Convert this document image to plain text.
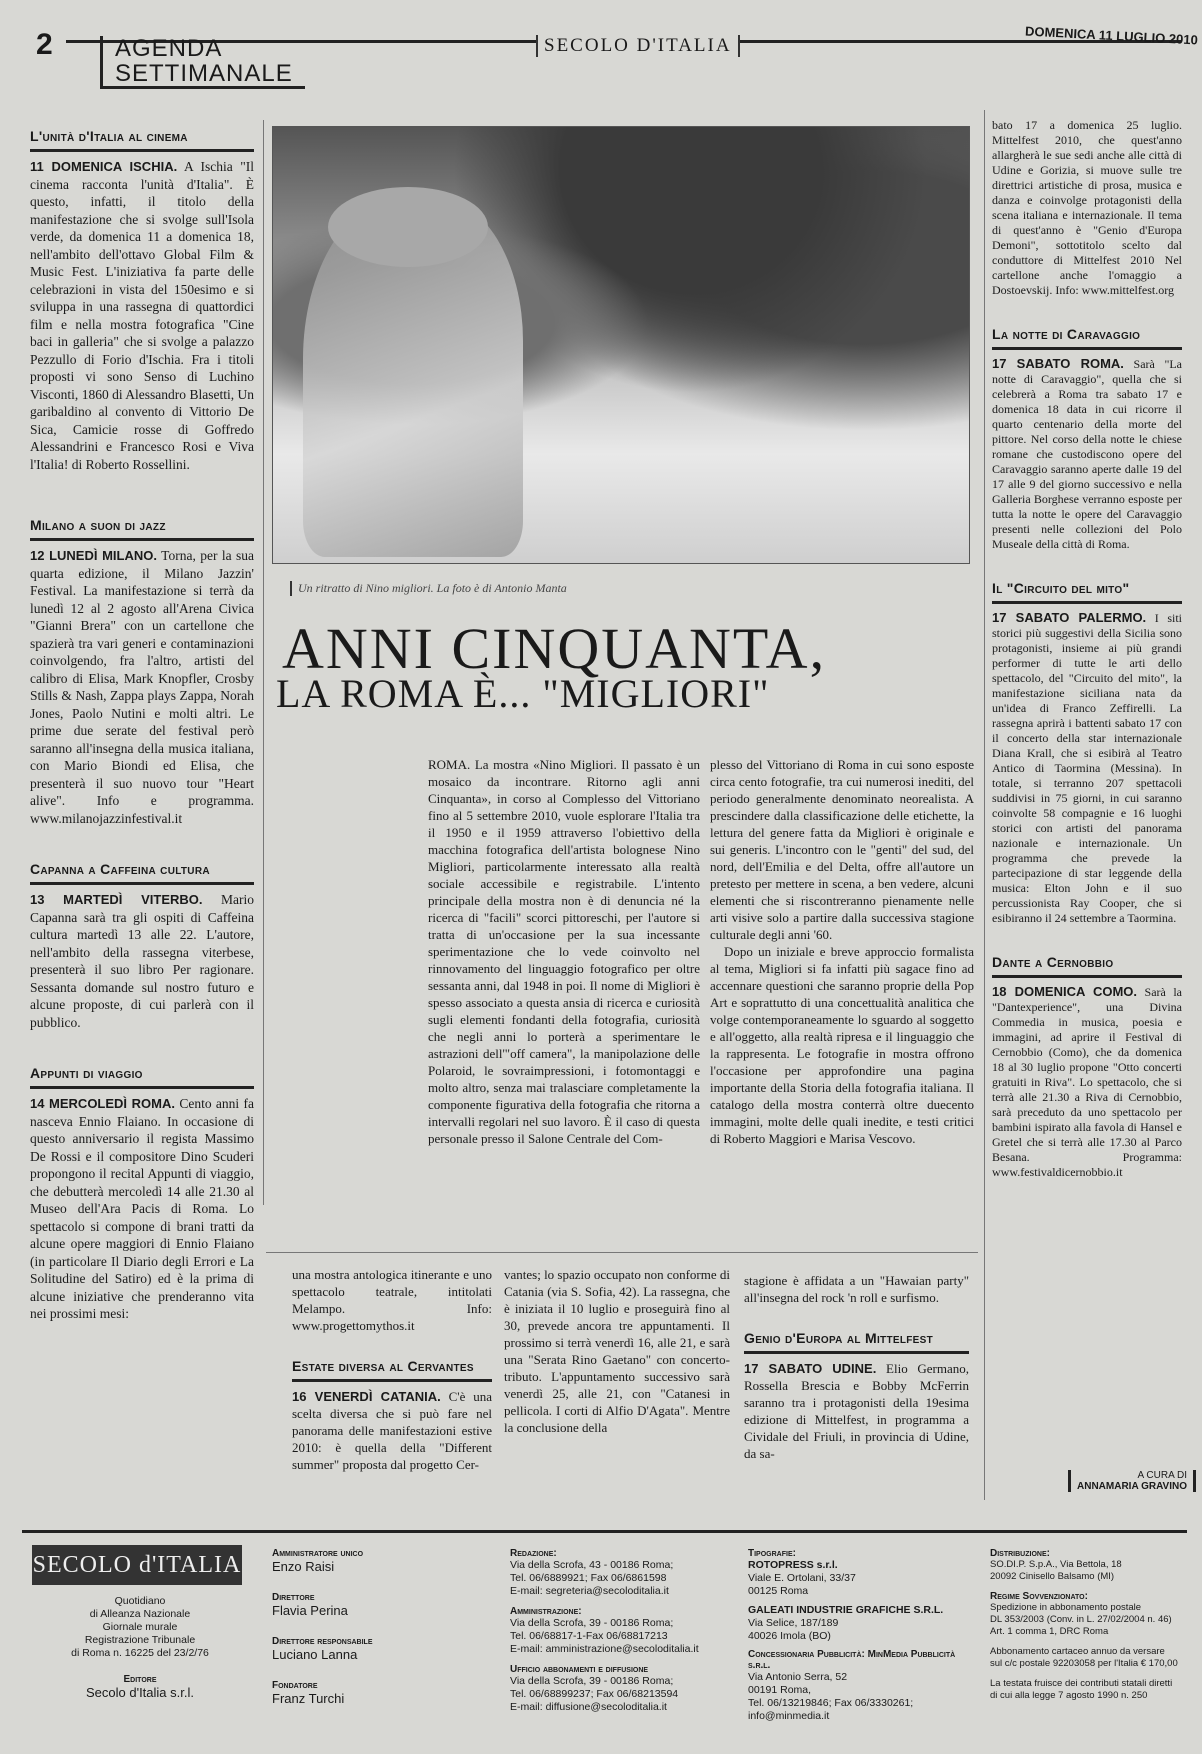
2	AGENDA
SETTIMANALE
SECOLO D'ITALIA	DOMENICA 11 LUGLIO 2010
L'unità d'Italia al cinema

11 DOMENICA ISCHIA. A Ischia "Il cinema racconta l'unità d'Italia". È questo, infatti, il titolo della manifestazione che si svolge sull'Isola verde, da domenica 11 a domenica 18, nell'ambito dell'ottavo Global Film & Music Fest. L'iniziativa fa parte delle celebrazioni in vista del 150esimo e si sviluppa in una rassegna di quattordici film e nella mostra fotografica "Cine baci in galleria" che si svolge a palazzo Pezzullo di Forio d'Ischia. Fra i titoli proposti vi sono Senso di Luchino Visconti, 1860 di Alessandro Blasetti, Un garibaldino al convento di Vittorio De Sica, Camicie rosse di Goffredo Alessandrini e Francesco Rosi e Viva l'Italia! di Roberto Rossellini.

Milano a suon di jazz

12 LUNEDÌ MILANO. Torna, per la sua quarta edizione, il Milano Jazzin' Festival. La manifestazione si terrà da lunedì 12 al 2 agosto all'Arena Civica "Gianni Brera" con un cartellone che spazierà tra vari generi e contaminazioni coinvolgendo, fra l'altro, artisti del calibro di Elisa, Mark Knopfler, Crosby Stills & Nash, Zappa plays Zappa, Norah Jones, Paolo Nutini e molti altri. Le prime due serate del festival però saranno all'insegna della musica italiana, con Mario Biondi ed Elisa, che presenterà il suo nuovo tour "Heart alive". Info e programma. www.milanojazzinfestival.it

Capanna a Caffeina cultura

13 MARTEDÌ VITERBO. Mario Capanna sarà tra gli ospiti di Caffeina cultura martedì 13 alle 22. L'autore, nell'ambito della rassegna viterbese, presenterà il suo libro Per ragionare. Sessanta domande sul nostro futuro e alcune proposte, di cui parlerà con il pubblico.

Appunti di viaggio

14 MERCOLEDÌ ROMA. Cento anni fa nasceva Ennio Flaiano. In occasione di questo anniversario il regista Massimo De Rossi e il compositore Dino Scuderi propongono il recital Appunti di viaggio, che debutterà mercoledì 14 alle 21.30 al Museo dell'Ara Pacis di Roma. Lo spettacolo si compone di brani tratti da alcune opere maggiori di Ennio Flaiano (in particolare Il Diario degli Errori e La Solitudine del Satiro) ed è la prima di alcune iniziative che prenderanno vita nei prossimi mesi:

Un ritratto di Nino migliori. La foto è di Antonio Manta
ANNI CINQUANTA,
LA ROMA È... "MIGLIORI"
ROMA. La mostra «Nino Migliori. Il passato è un mosaico da incontrare. Ritorno agli anni Cinquanta», in corso al Complesso del Vittoriano fino al 5 settembre 2010, vuole esplorare l'Italia tra il 1950 e il 1959 attraverso l'obiettivo della macchina fotografica dell'artista bolognese Nino Migliori, particolarmente interessato alla realtà sociale accessibile e registrabile. L'intento principale della mostra non è di denuncia né la ricerca di "facili" scorci pittoreschi, per l'autore si tratta di un'occasione per la sua incessante sperimentazione che lo vede coinvolto nel rinnovamento del linguaggio fotografico per oltre sessanta anni, dal 1948 in poi. Il nome di Migliori è spesso associato a questa ansia di ricerca e curiosità sugli elementi fondanti della fotografia, curiosità che negli anni lo porterà a sperimentare le astrazioni dell'"off camera", la manipolazione delle Polaroid, le sovraimpressioni, i fotomontaggi e molto altro, senza mai tralasciare completamente la componente figurativa della fotografia che ritorna a intervalli regolari nel suo lavoro. È il caso di questa personale presso il Salone Centrale del Com-

plesso del Vittoriano di Roma in cui sono esposte circa cento fotografie, tra cui numerosi inediti, del periodo generalmente denominato neorealista. A prescindere dalla classificazione delle etichette, la lettura del genere fatta da Migliori è originale e sui generis. L'incontro con le "genti" del sud, del nord, dell'Emilia e del Delta, offre all'autore un pretesto per mettere in scena, a ben vedere, alcuni elementi che si riscontreranno pienamente nelle arti visive solo a partire dalla successiva stagione culturale degli anni '60.

Dopo un iniziale e breve approccio formalista al tema, Migliori si fa infatti più sagace fino ad accennare questioni che saranno proprie della Pop Art e soprattutto di una concettualità analitica che volge contemporaneamente lo sguardo al soggetto e all'oggetto, alla realtà ripresa e il linguaggio che la rappresenta. Le fotografie in mostra offrono l'occasione per approfondire una pagina importante della Storia della fotografia italiana. Il catalogo della mostra conterrà oltre duecento immagini, molte delle quali inedite, e testi critici di Roberto Maggiori e Marisa Vescovo.

una mostra antologica itinerante e uno spettacolo teatrale, intitolati Melampo. Info: www.progettomythos.it

Estate diversa al Cervantes

16 VENERDÌ CATANIA. C'è una scelta diversa che si può fare nel panorama delle manifestazioni estive 2010: è quella della "Different summer" proposta dal progetto Cer-

vantes; lo spazio occupato non conforme di Catania (via S. Sofia, 42). La rassegna, che è iniziata il 10 luglio e proseguirà fino al 30, prevede ancora tre appuntamenti. Il prossimo si terrà venerdì 16, alle 21, e sarà una "Serata Rino Gaetano" con concerto-tributo. L'appuntamento successivo sarà venerdì 25, alle 21, con "Catanesi in pellicola. I corti di Alfio D'Agata". Mentre la conclusione della

stagione è affidata a un "Hawaian party" all'insegna del rock 'n roll e surfismo.

Genio d'Europa al Mittelfest

17 SABATO UDINE. Elio Germano, Rossella Brescia e Bobby McFerrin saranno tra i protagonisti della 19esima edizione di Mittelfest, in programma a Cividale del Friuli, in provincia di Udine, da sa-

bato 17 a domenica 25 luglio. Mittelfest 2010, che quest'anno allargherà le sue sedi anche alle città di Udine e Gorizia, si muove sulle tre direttrici artistiche di prosa, musica e danza e coinvolge protagonisti della scena italiana e internazionale. Il tema di quest'anno è "Genio d'Europa Demoni", sottotitolo scelto dal conduttore di Mittelfest 2010 Nel cartellone anche l'omaggio a Dostoevskij. Info: www.mittelfest.org

La notte di Caravaggio

17 SABATO ROMA. Sarà "La notte di Caravaggio", quella che si celebrerà a Roma tra sabato 17 e domenica 18 data in cui ricorre il quarto centenario della morte del pittore. Nel corso della notte le chiese romane che custodiscono opere del Caravaggio saranno aperte dalle 19 del 17 alle 9 del giorno successivo e nella Galleria Borghese verranno esposte per tutta la notte le opere del Caravaggio presenti nelle collezioni del Polo Museale della città di Roma.

Il "Circuito del mito"

17 SABATO PALERMO. I siti storici più suggestivi della Sicilia sono protagonisti, insieme ai più grandi performer di tutte le arti dello spettacolo, del "Circuito del mito", la manifestazione siciliana nata da un'idea di Franco Zeffirelli. La rassegna aprirà i battenti sabato 17 con il concerto della star internazionale Diana Krall, che si esibirà al Teatro Antico di Taormina (Messina). In totale, si terranno 207 spettacoli suddivisi in 75 giorni, in cui saranno coinvolte 58 compagnie e 16 luoghi storici con artisti del panorama nazionale e internazionale. Un programma che prevede la partecipazione di star leggende della musica: Elton John e il suo percussionista Ray Cooper, che si esibiranno il 24 settembre a Taormina.

Dante a Cernobbio

18 DOMENICA COMO. Sarà la "Dantexperience", una Divina Commedia in musica, poesia e immagini, ad aprire il Festival di Cernobbio (Como), che da domenica 18 al 30 luglio propone "Otto concerti gratuiti in Riva". Lo spettacolo, che si terrà alle 21.30 a Riva di Cernobbio, sarà preceduto da uno spettacolo per bambini ispirato alla favola di Hansel e Gretel che si terrà alle 17.30 al Parco Besana. Programma: www.festivaldicernobbio.it

A CURA DI
ANNAMARIA GRAVINO
SECOLO d'ITALIA
Quotidiano
di Alleanza Nazionale
Giornale murale
Registrazione Tribunale
di Roma n. 16225 del 23/2/76
Editore
Secolo d'Italia s.r.l.
Amministratore unico
Enzo Raisi
Direttore
Flavia Perina
Direttore responsabile
Luciano Lanna
Fondatore
Franz Turchi
Redazione:
Via della Scrofa, 43 - 00186 Roma;
Tel. 06/6889921; Fax 06/6861598
E-mail: segreteria@secoloditalia.it
Amministrazione:
Via della Scrofa, 39 - 00186 Roma;
Tel. 06/68817-1-Fax 06/68817213
E-mail: amministrazione@secoloditalia.it
Ufficio abbonamenti e diffusione
Via della Scrofa, 39 - 00186 Roma;
Tel. 06/68899237; Fax 06/68213594
E-mail: diffusione@secoloditalia.it
Tipografie:
ROTOPRESS s.r.l.
Viale E. Ortolani, 33/37
00125 Roma
GALEATI INDUSTRIE GRAFICHE S.R.L.
Via Selice, 187/189
40026 Imola (BO)
Concessionaria Pubblicità: MinMedia Pubblicità s.r.l.
Via Antonio Serra, 52
00191 Roma,
Tel. 06/13219846; Fax 06/3330261;
info@minmedia.it
Distribuzione:
SO.DI.P. S.p.A., Via Bettola, 18
20092 Cinisello Balsamo (MI)
Regime Sovvenzionato:
Spedizione in abbonamento postale
DL 353/2003 (Conv. in L. 27/02/2004 n. 46)
Art. 1 comma 1, DRC Roma
Abbonamento cartaceo annuo da versare
sul c/c postale 92203058 per l'Italia € 170,00
La testata fruisce dei contributi statali diretti
di cui alla legge 7 agosto 1990 n. 250
